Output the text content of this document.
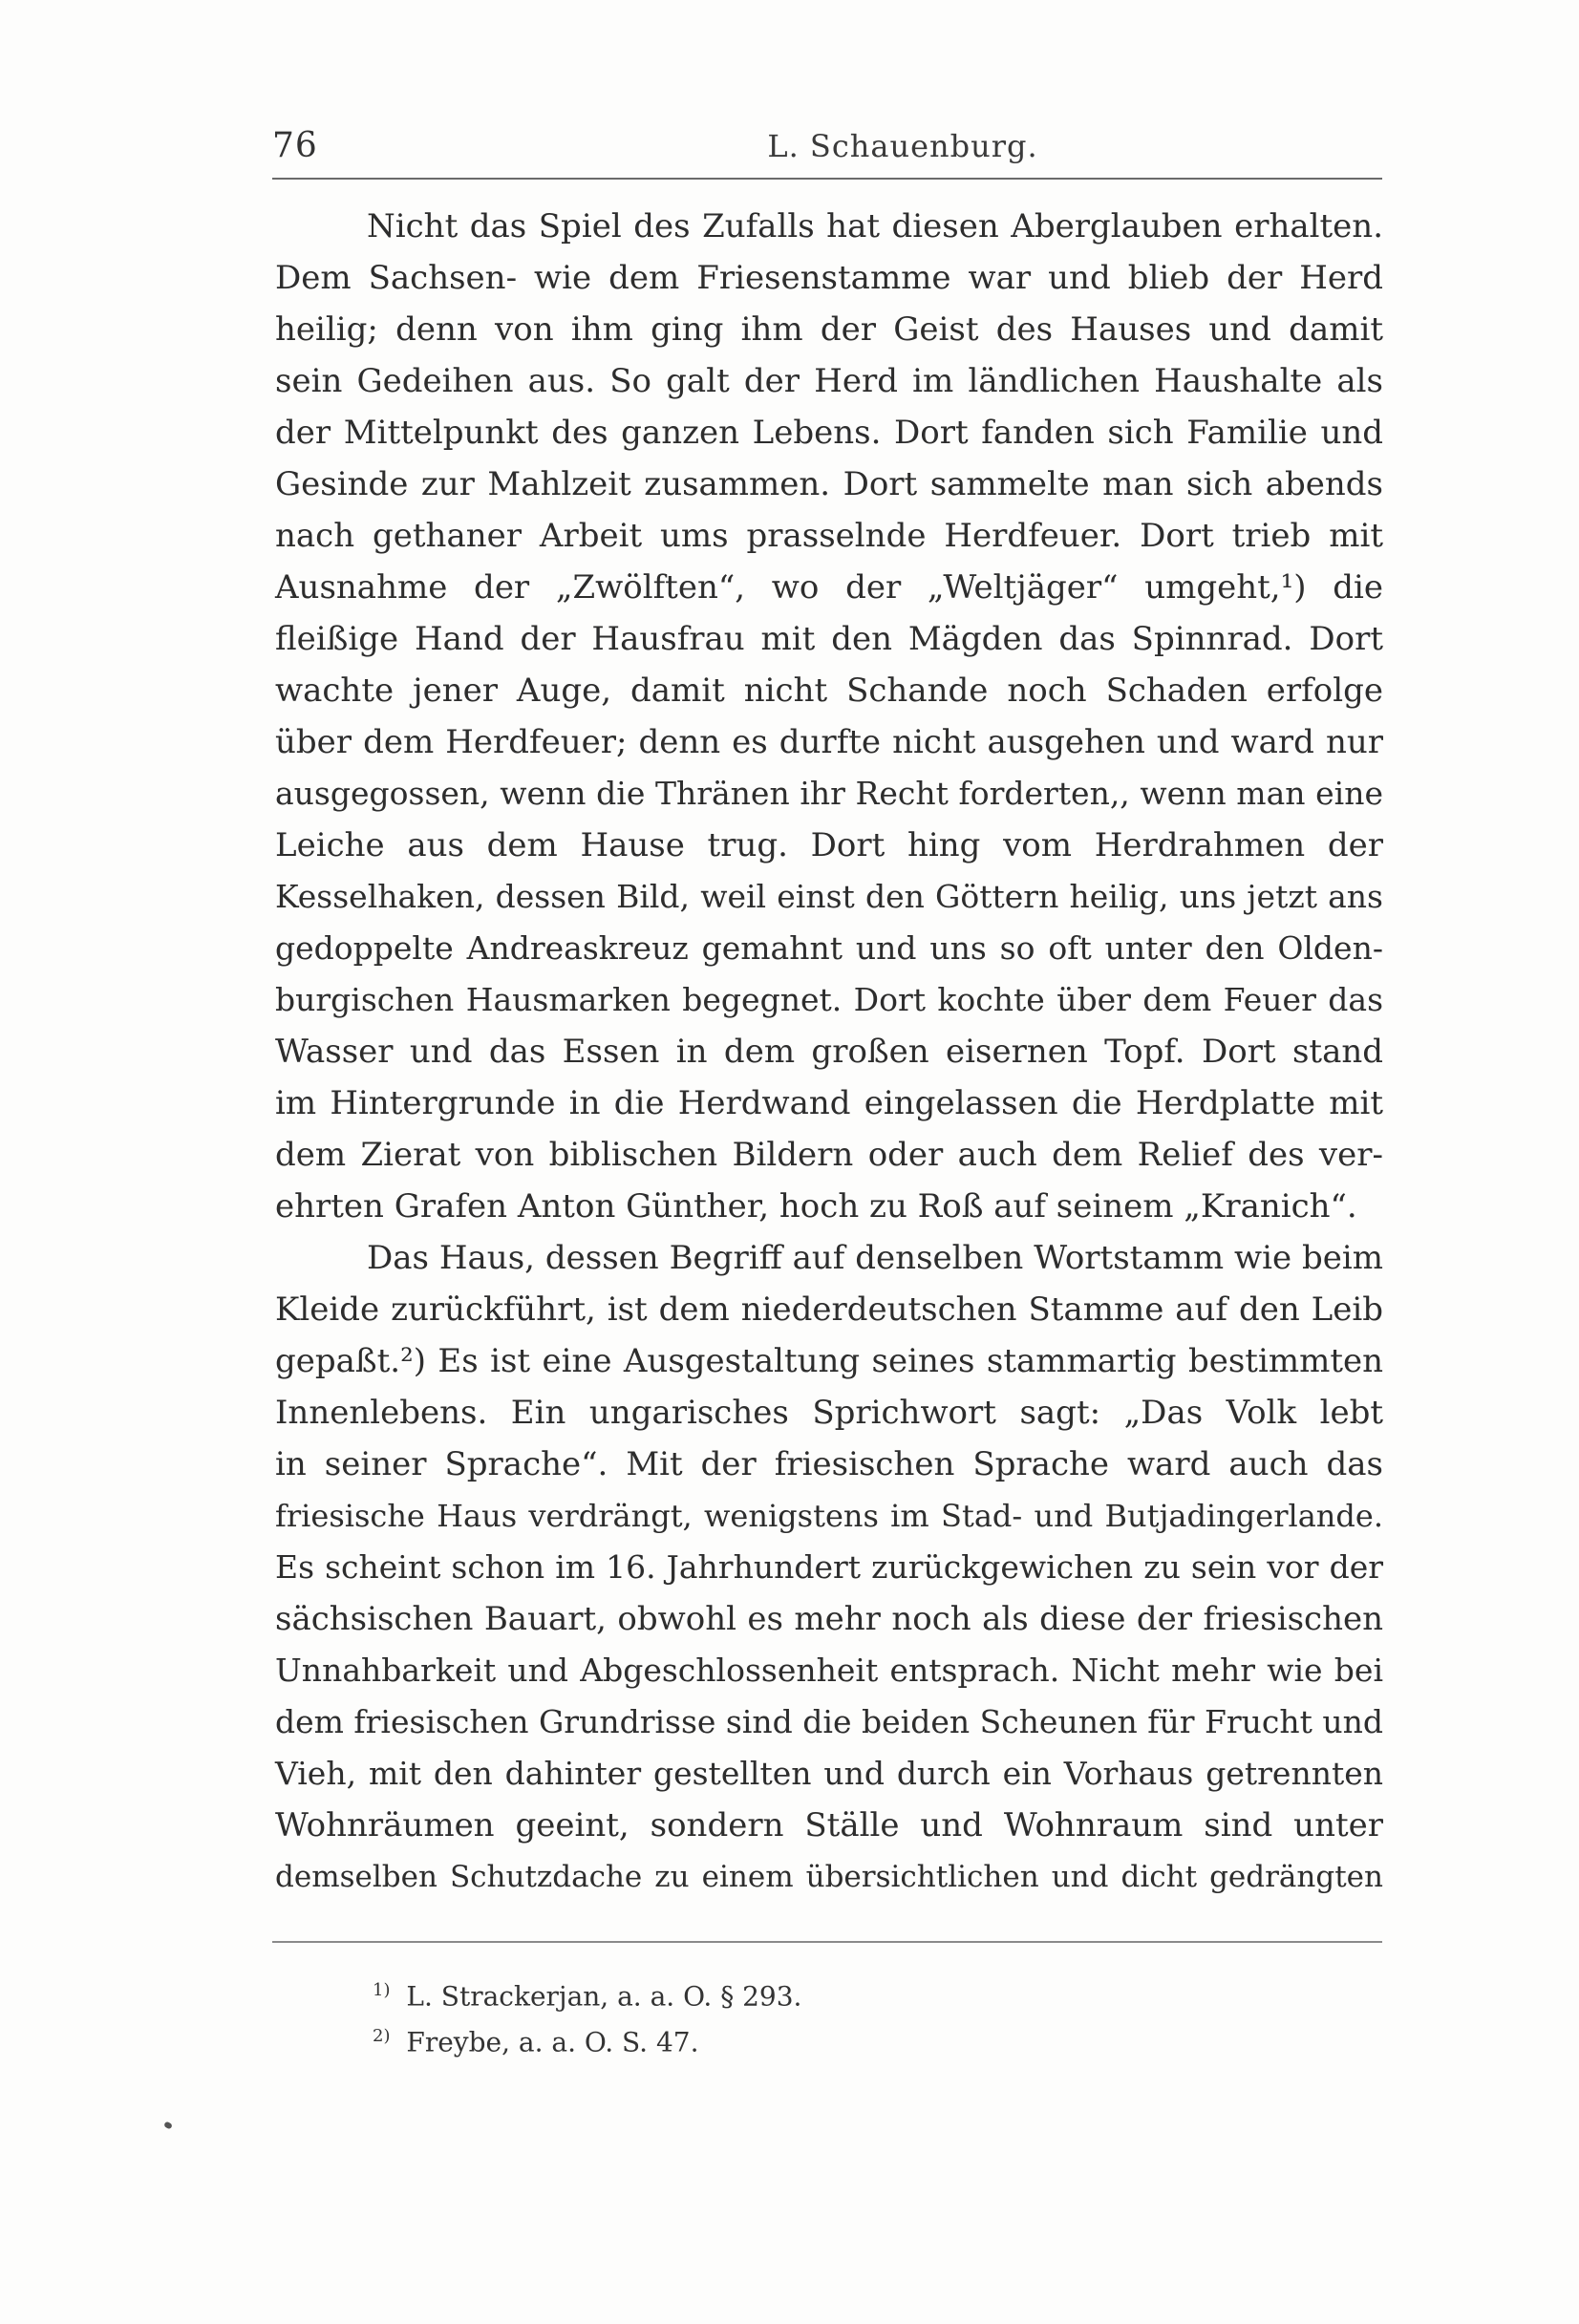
76	L. Schauenburg.
Nicht das Spiel des Zufalls hat diesen Aberglauben erhalten.
Dem Sachsen- wie dem Friesenstamme war und blieb der Herd
heilig; denn von ihm ging ihm der Geist des Hauses und damit
sein Gedeihen aus. So galt der Herd im ländlichen Haushalte als
der Mittelpunkt des ganzen Lebens. Dort fanden sich Familie und
Gesinde zur Mahlzeit zusammen. Dort sammelte man sich abends
nach gethaner Arbeit ums prasselnde Herdfeuer. Dort trieb mit
Ausnahme der „Zwölften“, wo der „Weltjäger“ umgeht,¹) die
fleißige Hand der Hausfrau mit den Mägden das Spinnrad. Dort
wachte jener Auge, damit nicht Schande noch Schaden erfolge
über dem Herdfeuer; denn es durfte nicht ausgehen und ward nur
ausgegossen, wenn die Thränen ihr Recht forderten,, wenn man eine
Leiche aus dem Hause trug. Dort hing vom Herdrahmen der
Kesselhaken, dessen Bild, weil einst den Göttern heilig, uns jetzt ans
gedoppelte Andreaskreuz gemahnt und uns so oft unter den Olden-
burgischen Hausmarken begegnet. Dort kochte über dem Feuer das
Wasser und das Essen in dem großen eisernen Topf. Dort stand
im Hintergrunde in die Herdwand eingelassen die Herdplatte mit
dem Zierat von biblischen Bildern oder auch dem Relief des ver-
ehrten Grafen Anton Günther, hoch zu Roß auf seinem „Kranich“.
Das Haus, dessen Begriff auf denselben Wortstamm wie beim
Kleide zurückführt, ist dem niederdeutschen Stamme auf den Leib
gepaßt.²) Es ist eine Ausgestaltung seines stammartig bestimmten
Innenlebens. Ein ungarisches Sprichwort sagt: „Das Volk lebt
in seiner Sprache“. Mit der friesischen Sprache ward auch das
friesische Haus verdrängt, wenigstens im Stad- und Butjadingerlande.
Es scheint schon im 16. Jahrhundert zurückgewichen zu sein vor der
sächsischen Bauart, obwohl es mehr noch als diese der friesischen
Unnahbarkeit und Abgeschlossenheit entsprach. Nicht mehr wie bei
dem friesischen Grundrisse sind die beiden Scheunen für Frucht und
Vieh, mit den dahinter gestellten und durch ein Vorhaus getrennten
Wohnräumen geeint, sondern Ställe und Wohnraum sind unter
demselben Schutzdache zu einem übersichtlichen und dicht gedrängten
$^{1)}$ L. Strackerjan, a. a. O. § 293.
$^{2)}$ Freybe, a. a. O. S. 47.
